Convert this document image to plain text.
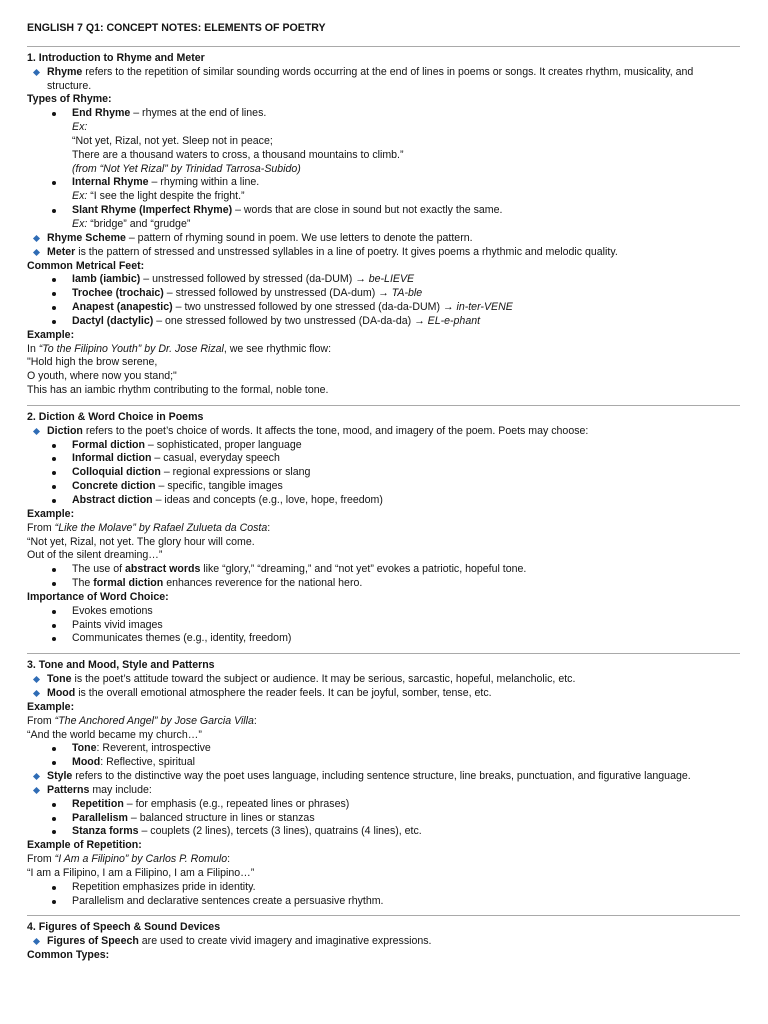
ENGLISH 7 Q1: CONCEPT NOTES: ELEMENTS OF POETRY
1. Introduction to Rhyme and Meter
Rhyme refers to the repetition of similar sounding words occurring at the end of lines in poems or songs. It creates rhythm, musicality, and structure.
Types of Rhyme:
End Rhyme – rhymes at the end of lines.
Ex:
“Not yet, Rizal, not yet. Sleep not in peace;
There are a thousand waters to cross, a thousand mountains to climb.”
(from “Not Yet Rizal” by Trinidad Tarrosa-Subido)
Internal Rhyme – rhyming within a line.
Ex: “I see the light despite the fright.”
Slant Rhyme (Imperfect Rhyme) – words that are close in sound but not exactly the same.
Ex: “bridge” and “grudge”
Rhyme Scheme – pattern of rhyming sound in poem. We use letters to denote the pattern.
Meter is the pattern of stressed and unstressed syllables in a line of poetry. It gives poems a rhythmic and melodic quality.
Common Metrical Feet:
Iamb (iambic) – unstressed followed by stressed (da-DUM) → be-LIEVE
Trochee (trochaic) – stressed followed by unstressed (DA-dum) → TA-ble
Anapest (anapestic) – two unstressed followed by one stressed (da-da-DUM) → in-ter-VENE
Dactyl (dactylic) – one stressed followed by two unstressed (DA-da-da) → EL-e-phant
Example:
In “To the Filipino Youth” by Dr. Jose Rizal, we see rhythmic flow:
"Hold high the brow serene,
O youth, where now you stand;"
This has an iambic rhythm contributing to the formal, noble tone.
2. Diction & Word Choice in Poems
Diction refers to the poet’s choice of words. It affects the tone, mood, and imagery of the poem. Poets may choose:
Formal diction – sophisticated, proper language
Informal diction – casual, everyday speech
Colloquial diction – regional expressions or slang
Concrete diction – specific, tangible images
Abstract diction – ideas and concepts (e.g., love, hope, freedom)
Example:
From “Like the Molave” by Rafael Zulueta da Costa:
“Not yet, Rizal, not yet. The glory hour will come.
Out of the silent dreaming…”
The use of abstract words like “glory,” “dreaming,” and “not yet” evokes a patriotic, hopeful tone.
The formal diction enhances reverence for the national hero.
Importance of Word Choice:
Evokes emotions
Paints vivid images
Communicates themes (e.g., identity, freedom)
3. Tone and Mood, Style and Patterns
Tone is the poet’s attitude toward the subject or audience. It may be serious, sarcastic, hopeful, melancholic, etc.
Mood is the overall emotional atmosphere the reader feels. It can be joyful, somber, tense, etc.
Example:
From “The Anchored Angel” by Jose Garcia Villa:
“And the world became my church…”
Tone: Reverent, introspective
Mood: Reflective, spiritual
Style refers to the distinctive way the poet uses language, including sentence structure, line breaks, punctuation, and figurative language.
Patterns may include:
Repetition – for emphasis (e.g., repeated lines or phrases)
Parallelism – balanced structure in lines or stanzas
Stanza forms – couplets (2 lines), tercets (3 lines), quatrains (4 lines), etc.
Example of Repetition:
From “I Am a Filipino” by Carlos P. Romulo:
“I am a Filipino, I am a Filipino, I am a Filipino…”
Repetition emphasizes pride in identity.
Parallelism and declarative sentences create a persuasive rhythm.
4. Figures of Speech & Sound Devices
Figures of Speech are used to create vivid imagery and imaginative expressions.
Common Types:
